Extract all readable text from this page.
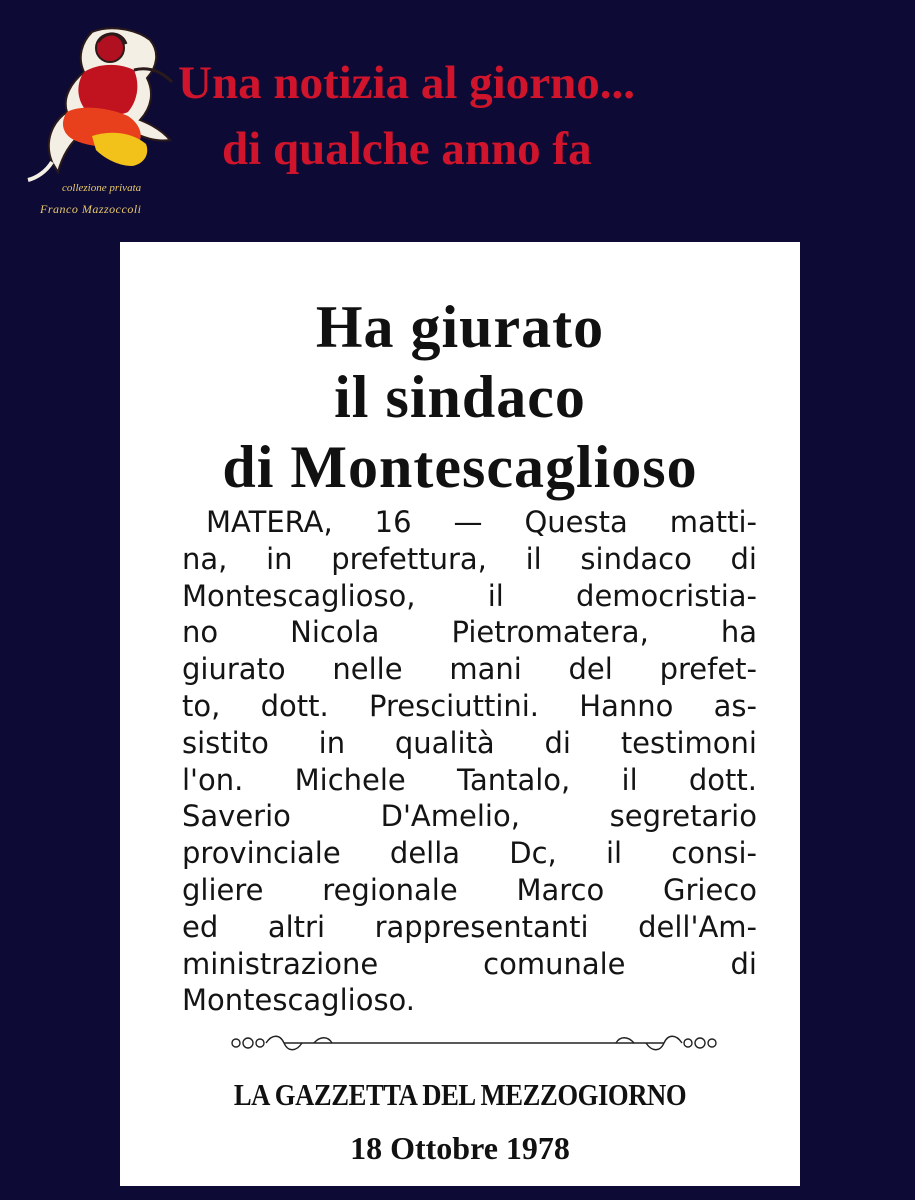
collezione privata
Franco Mazzoccoli
Una notizia al giorno...
di qualche anno fa
Ha giurato
il sindaco
di Montescaglioso
MATERA, 16 — Questa matti-
na, in prefettura, il sindaco di
Montescaglioso, il democristia-
no Nicola Pietromatera, ha
giurato nelle mani del prefet-
to, dott. Presciuttini. Hanno as-
sistito in qualità di testimoni
l'on. Michele Tantalo, il dott.
Saverio D'Amelio, segretario
provinciale della Dc, il consi-
gliere regionale Marco Grieco
ed altri rappresentanti dell'Am-
ministrazione comunale di
Montescaglioso.
LA GAZZETTA DEL MEZZOGIORNO
18 Ottobre 1978
